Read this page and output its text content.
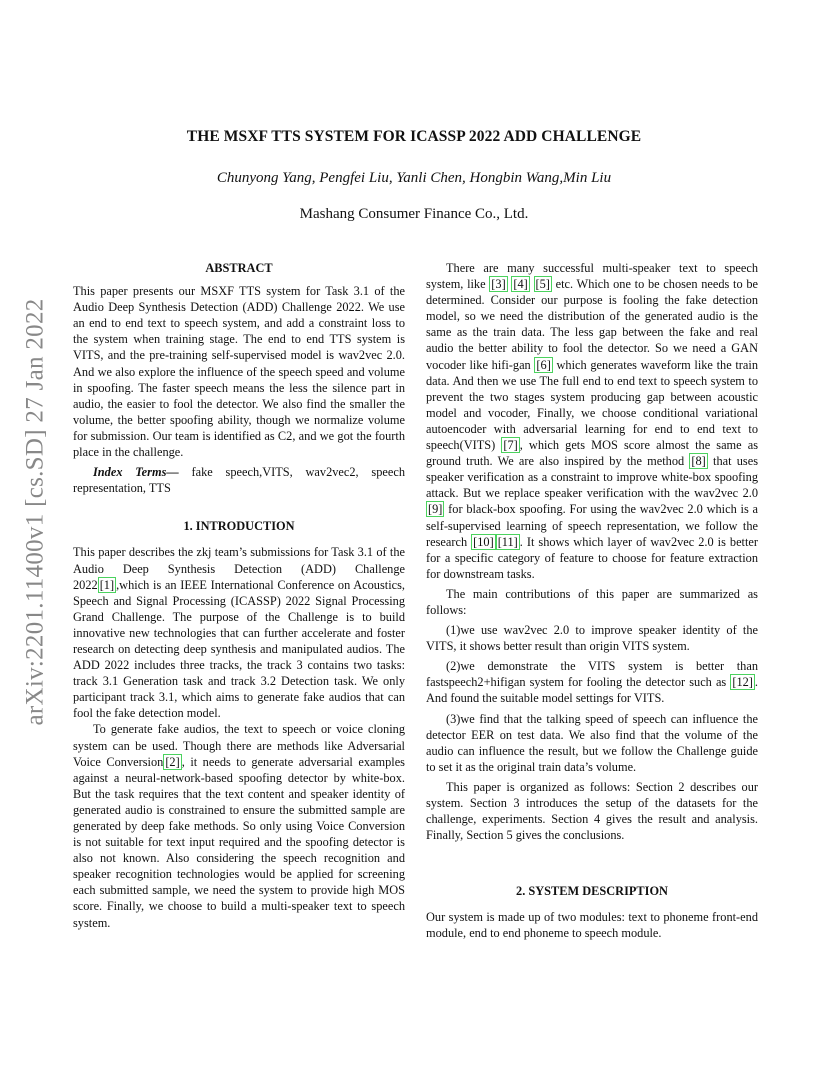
arXiv:2201.11400v1 [cs.SD] 27 Jan 2022
THE MSXF TTS SYSTEM FOR ICASSP 2022 ADD CHALLENGE
Chunyong Yang, Pengfei Liu, Yanli Chen, Hongbin Wang,Min Liu
Mashang Consumer Finance Co., Ltd.
ABSTRACT

This paper presents our MSXF TTS system for Task 3.1 of the Audio Deep Synthesis Detection (ADD) Challenge 2022. We use an end to end text to speech system, and add a constraint loss to the system when training stage. The end to end TTS system is VITS, and the pre-training self-supervised model is wav2vec 2.0. And we also explore the influence of the speech speed and volume in spoofing. The faster speech means the less the silence part in audio, the easier to fool the detector. We also find the smaller the volume, the better spoofing ability, though we normalize volume for submission. Our team is identified as C2, and we got the fourth place in the challenge.

Index Terms— fake speech,VITS, wav2vec2, speech representation, TTS

1. INTRODUCTION

This paper describes the zkj team’s submissions for Task 3.1 of the Audio Deep Synthesis Detection (ADD) Challenge 2022 [1] ,which is an IEEE International Conference on Acoustics, Speech and Signal Processing (ICASSP) 2022 Signal Processing Grand Challenge. The purpose of the Challenge is to build innovative new technologies that can further accelerate and foster research on detecting deep synthesis and manipulated audios. The ADD 2022 includes three tracks, the track 3 contains two tasks: track 3.1 Generation task and track 3.2 Detection task. We only participant track 3.1, which aims to generate fake audios that can fool the fake detection model.

To generate fake audios, the text to speech or voice cloning system can be used. Though there are methods like Adversarial Voice Conversion [2] , it needs to generate adversarial examples against a neural-network-based spoofing detector by white-box. But the task requires that the text content and speaker identity of generated audio is constrained to ensure the submitted sample are generated by deep fake methods. So only using Voice Conversion is not suitable for text input required and the spoofing detector is also not known. Also considering the speech recognition and speaker recognition technologies would be applied for screening each submitted sample, we need the system to provide high MOS score. Finally, we choose to build a multi-speaker text to speech system.

There are many successful multi-speaker text to speech system, like [3] [4] [5] etc. Which one to be chosen needs to be determined. Consider our purpose is fooling the fake detection model, so we need the distribution of the generated audio is the same as the train data. The less gap between the fake and real audio the better ability to fool the detector. So we need a GAN vocoder like hifi-gan [6] which generates waveform like the train data. And then we use The full end to end text to speech system to prevent the two stages system producing gap between acoustic model and vocoder, Finally, we choose conditional variational autoencoder with adversarial learning for end to end text to speech(VITS) [7] , which gets MOS score almost the same as ground truth. We are also inspired by the method [8] that uses speaker verification as a constraint to improve white-box spoofing attack. But we replace speaker verification with the wav2vec 2.0 [9] for black-box spoofing. For using the wav2vec 2.0 which is a self-supervised learning of speech representation, we follow the research [10] [11] . It shows which layer of wav2vec 2.0 is better for a specific category of feature to choose for feature extraction for downstream tasks.

The main contributions of this paper are summarized as follows:

(1)we use wav2vec 2.0 to improve speaker identity of the VITS, it shows better result than origin VITS system.

(2)we demonstrate the VITS system is better than fastspeech2+hifigan system for fooling the detector such as [12] . And found the suitable model settings for VITS.

(3)we find that the talking speed of speech can influence the detector EER on test data. We also find that the volume of the audio can influence the result, but we follow the Challenge guide to set it as the original train data’s volume.

This paper is organized as follows: Section 2 describes our system. Section 3 introduces the setup of the datasets for the challenge, experiments. Section 4 gives the result and analysis. Finally, Section 5 gives the conclusions.

2. SYSTEM DESCRIPTION

Our system is made up of two modules: text to phoneme front-end module, end to end phoneme to speech module.
